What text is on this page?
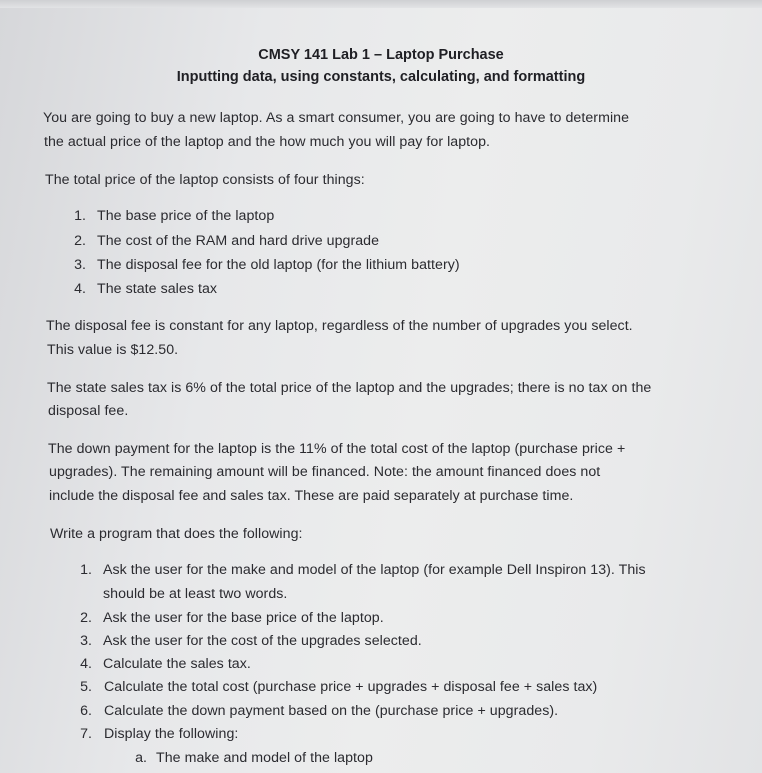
CMSY 141 Lab 1 – Laptop Purchase
Inputting data, using constants, calculating, and formatting
You are going to buy a new laptop. As a smart consumer, you are going to have to determine
the actual price of the laptop and the how much you will pay for laptop.
The total price of the laptop consists of four things:
1. The base price of the laptop
2. The cost of the RAM and hard drive upgrade
3. The disposal fee for the old laptop (for the lithium battery)
4. The state sales tax
The disposal fee is constant for any laptop, regardless of the number of upgrades you select.
This value is $12.50.
The state sales tax is 6% of the total price of the laptop and the upgrades; there is no tax on the
disposal fee.
The down payment for the laptop is the 11% of the total cost of the laptop (purchase price +
upgrades). The remaining amount will be financed. Note: the amount financed does not
include the disposal fee and sales tax. These are paid separately at purchase time.
Write a program that does the following:
1. Ask the user for the make and model of the laptop (for example Dell Inspiron 13). This
should be at least two words.
2. Ask the user for the base price of the laptop.
3. Ask the user for the cost of the upgrades selected.
4. Calculate the sales tax.
5. Calculate the total cost (purchase price + upgrades + disposal fee + sales tax)
6. Calculate the down payment based on the (purchase price + upgrades).
7. Display the following:
a. The make and model of the laptop
